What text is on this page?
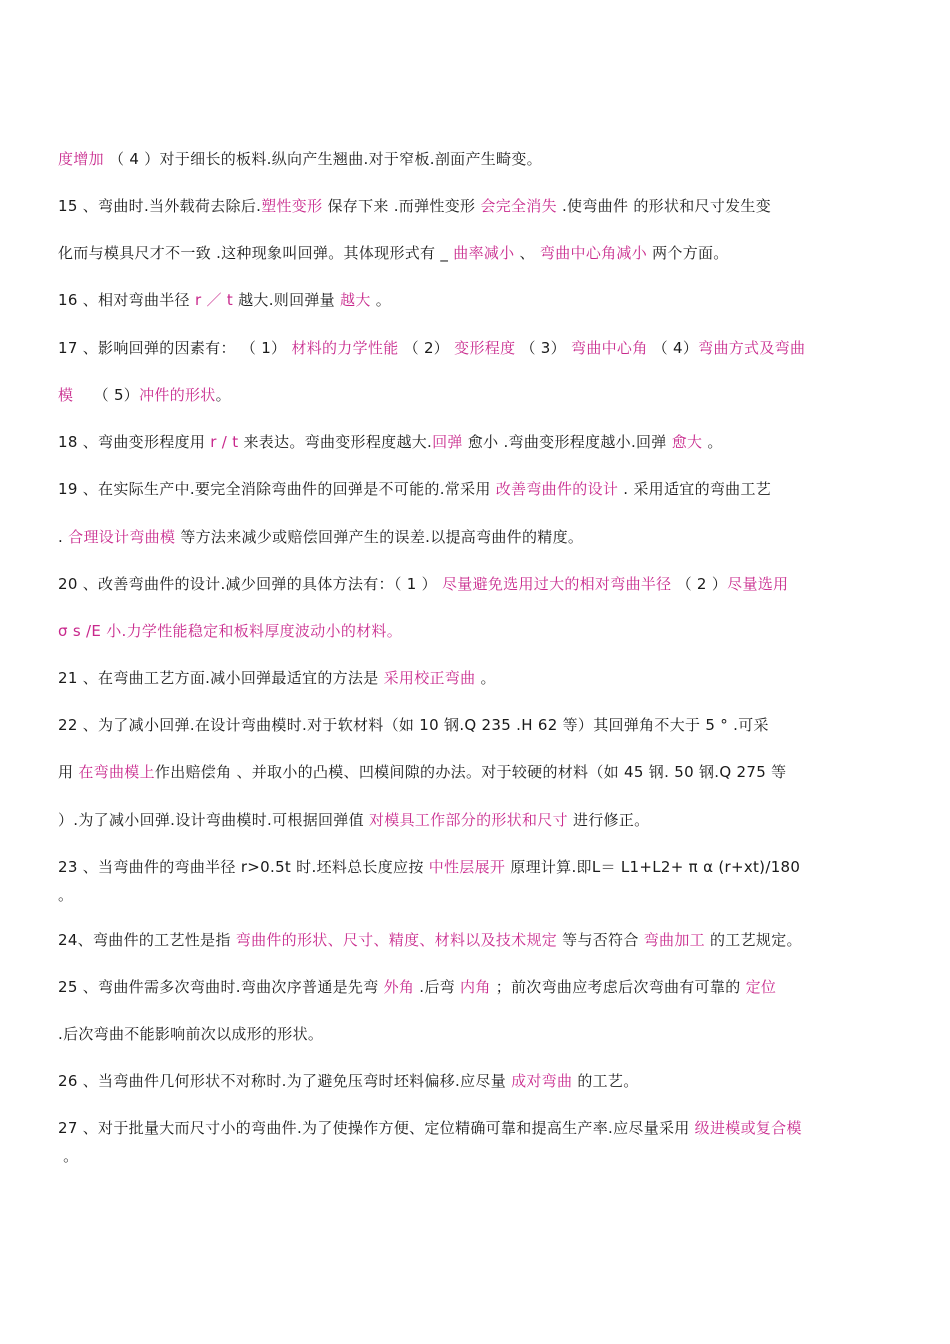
度增加 （ 4 ）对于细长的板料.纵向产生翘曲.对于窄板.剖面产生畸变。
15 、弯曲时.当外载荷去除后.塑性变形 保存下来 .而弹性变形 会完全消失 .使弯曲件 的形状和尺寸发生变
化而与模具尺才不一致 .这种现象叫回弹。其体现形式有 _ 曲率减小 、 弯曲中心角减小 两个方面。
16 、相对弯曲半径 r ／ t 越大.则回弹量 越大 。
17 、影响回弹的因素有： （ 1） 材料的力学性能 （ 2） 变形程度 （ 3） 弯曲中心角 （ 4）弯曲方式及弯曲
模    （ 5）冲件的形状。
18 、弯曲变形程度用 r / t 来表达。弯曲变形程度越大.回弹 愈小 .弯曲变形程度越小.回弹 愈大 。
19 、在实际生产中.要完全消除弯曲件的回弹是不可能的.常采用 改善弯曲件的设计 . 采用适宜的弯曲工艺
. 合理设计弯曲模 等方法来减少或赔偿回弹产生的误差.以提高弯曲件的精度。
20 、改善弯曲件的设计.减少回弹的具体方法有：（ 1 ） 尽量避免选用过大的相对弯曲半径 （ 2 ）尽量选用
σ s /E 小.力学性能稳定和板料厚度波动小的材料。
21 、在弯曲工艺方面.减小回弹最适宜的方法是 采用校正弯曲 。
22 、为了减小回弹.在设计弯曲模时.对于软材料（如 10 钢.Q 235 .H 62 等）其回弹角不大于 5 ° .可采
用 在弯曲模上作出赔偿角 、并取小的凸模、凹模间隙的办法。对于较硬的材料（如 45 钢. 50 钢.Q 275 等
）.为了减小回弹.设计弯曲模时.可根据回弹值 对模具工作部分的形状和尺寸 进行修正。
23 、当弯曲件的弯曲半径 r>0.5t 时.坯料总长度应按 中性层展开 原理计算.即L＝ L1+L2+ π α (r+xt)/180
。
24、弯曲件的工艺性是指 弯曲件的形状、尺寸、精度、材料以及技术规定 等与否符合 弯曲加工 的工艺规定。
25 、弯曲件需多次弯曲时.弯曲次序普通是先弯 外角 .后弯 内角 ；前次弯曲应考虑后次弯曲有可靠的 定位
.后次弯曲不能影响前次以成形的形状。
26 、当弯曲件几何形状不对称时.为了避免压弯时坯料偏移.应尽量 成对弯曲 的工艺。
27 、对于批量大而尺寸小的弯曲件.为了使操作方便、定位精确可靠和提高生产率.应尽量采用 级进模或复合模
。
